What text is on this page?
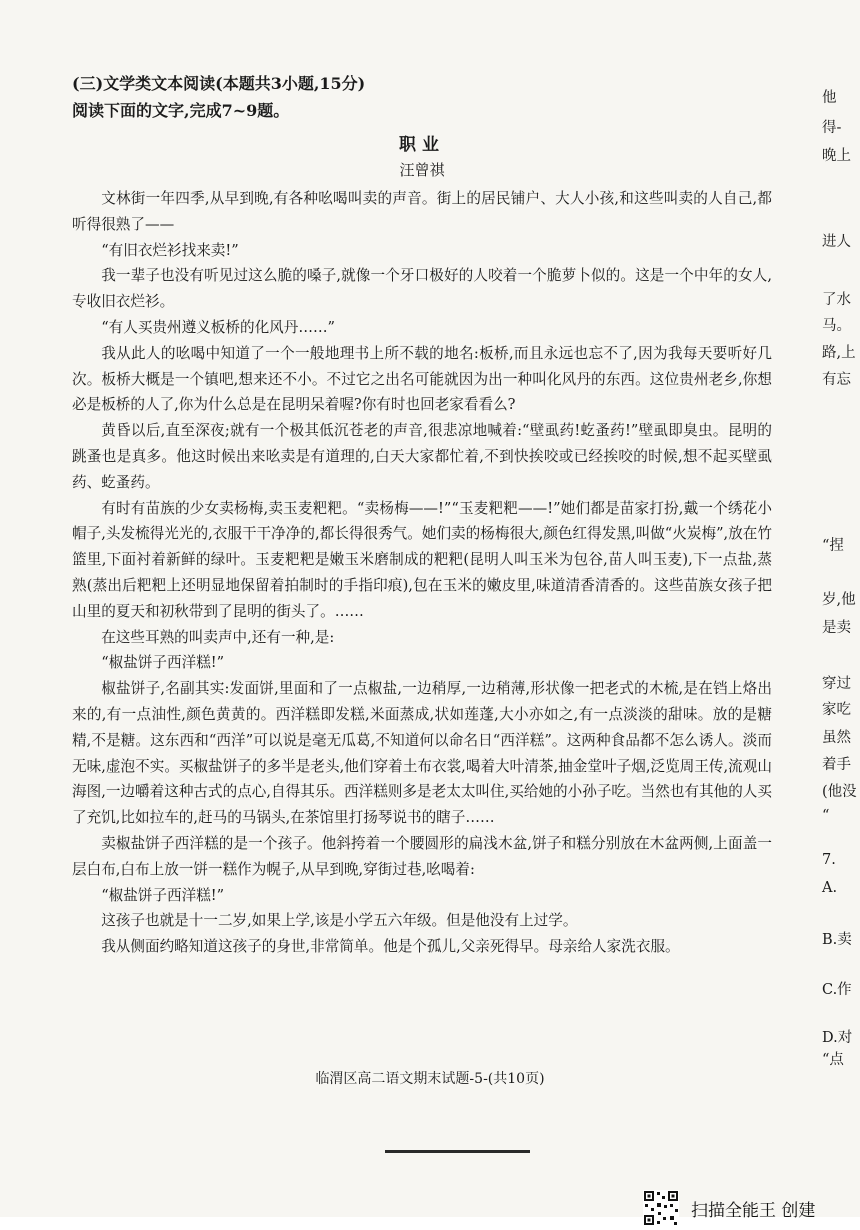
(三)文学类文本阅读(本题共3小题,15分)
阅读下面的文字,完成7~9题。
职业
汪曾祺

文林街一年四季,从早到晚,有各种吆喝叫卖的声音。街上的居民铺户、大人小孩,和这些叫卖的人自己,都听得很熟了——

“有旧衣烂衫找来卖!”

我一辈子也没有听见过这么脆的嗓子,就像一个牙口极好的人咬着一个脆萝卜似的。这是一个中年的女人,专收旧衣烂衫。

“有人买贵州遵义板桥的化风丹……”

我从此人的吆喝中知道了一个一般地理书上所不载的地名:板桥,而且永远也忘不了,因为我每天要听好几次。板桥大概是一个镇吧,想来还不小。不过它之出名可能就因为出一种叫化风丹的东西。这位贵州老乡,你想必是板桥的人了,你为什么总是在昆明呆着喔?你有时也回老家看看么?

黄昏以后,直至深夜;就有一个极其低沉苍老的声音,很悲凉地喊着:“壁虱药!虼蚤药!”壁虱即臭虫。昆明的跳蚤也是真多。他这时候出来吆卖是有道理的,白天大家都忙着,不到快挨咬或已经挨咬的时候,想不起买壁虱药、虼蚤药。

有时有苗族的少女卖杨梅,卖玉麦粑粑。“卖杨梅——!”“玉麦粑粑——!”她们都是苗家打扮,戴一个绣花小帽子,头发梳得光光的,衣服干干净净的,都长得很秀气。她们卖的杨梅很大,颜色红得发黑,叫做“火炭梅”,放在竹篮里,下面衬着新鲜的绿叶。玉麦粑粑是嫩玉米磨制成的粑粑(昆明人叫玉米为包谷,苗人叫玉麦),下一点盐,蒸熟(蒸出后粑粑上还明显地保留着拍制时的手指印痕),包在玉米的嫩皮里,味道清香清香的。这些苗族女孩子把山里的夏天和初秋带到了昆明的街头了。……

在这些耳熟的叫卖声中,还有一种,是:

“椒盐饼子西洋糕!”

椒盐饼子,名副其实:发面饼,里面和了一点椒盐,一边稍厚,一边稍薄,形状像一把老式的木梳,是在铛上烙出来的,有一点油性,颜色黄黄的。西洋糕即发糕,米面蒸成,状如莲蓬,大小亦如之,有一点淡淡的甜味。放的是糖精,不是糖。这东西和“西洋”可以说是毫无瓜葛,不知道何以命名日“西洋糕”。这两种食品都不怎么诱人。淡而无味,虚泡不实。买椒盐饼子的多半是老头,他们穿着土布衣裳,喝着大叶清茶,抽金堂叶子烟,泛览周王传,流观山海图,一边嚼着这种古式的点心,自得其乐。西洋糕则多是老太太叫住,买给她的小孙子吃。当然也有其他的人买了充饥,比如拉车的,赶马的马锅头,在茶馆里打扬琴说书的瞎子……

卖椒盐饼子西洋糕的是一个孩子。他斜挎着一个腰圆形的扁浅木盆,饼子和糕分别放在木盆两侧,上面盖一层白布,白布上放一饼一糕作为幌子,从早到晚,穿街过巷,吆喝着:

“椒盐饼子西洋糕!”

这孩子也就是十一二岁,如果上学,该是小学五六年级。但是他没有上过学。

我从侧面约略知道这孩子的身世,非常简单。他是个孤儿,父亲死得早。母亲给人家洗衣服。

临渭区高二语文期末试题-5-(共10页)
他
得-
晚上
进人
了水
马。
路,上
有忘
“捏
岁,他
是卖
穿过
家吃
虽然
着手
(他没
“
7.
A.
B.卖
C.作
D.对
“点
扫描全能王 创建
